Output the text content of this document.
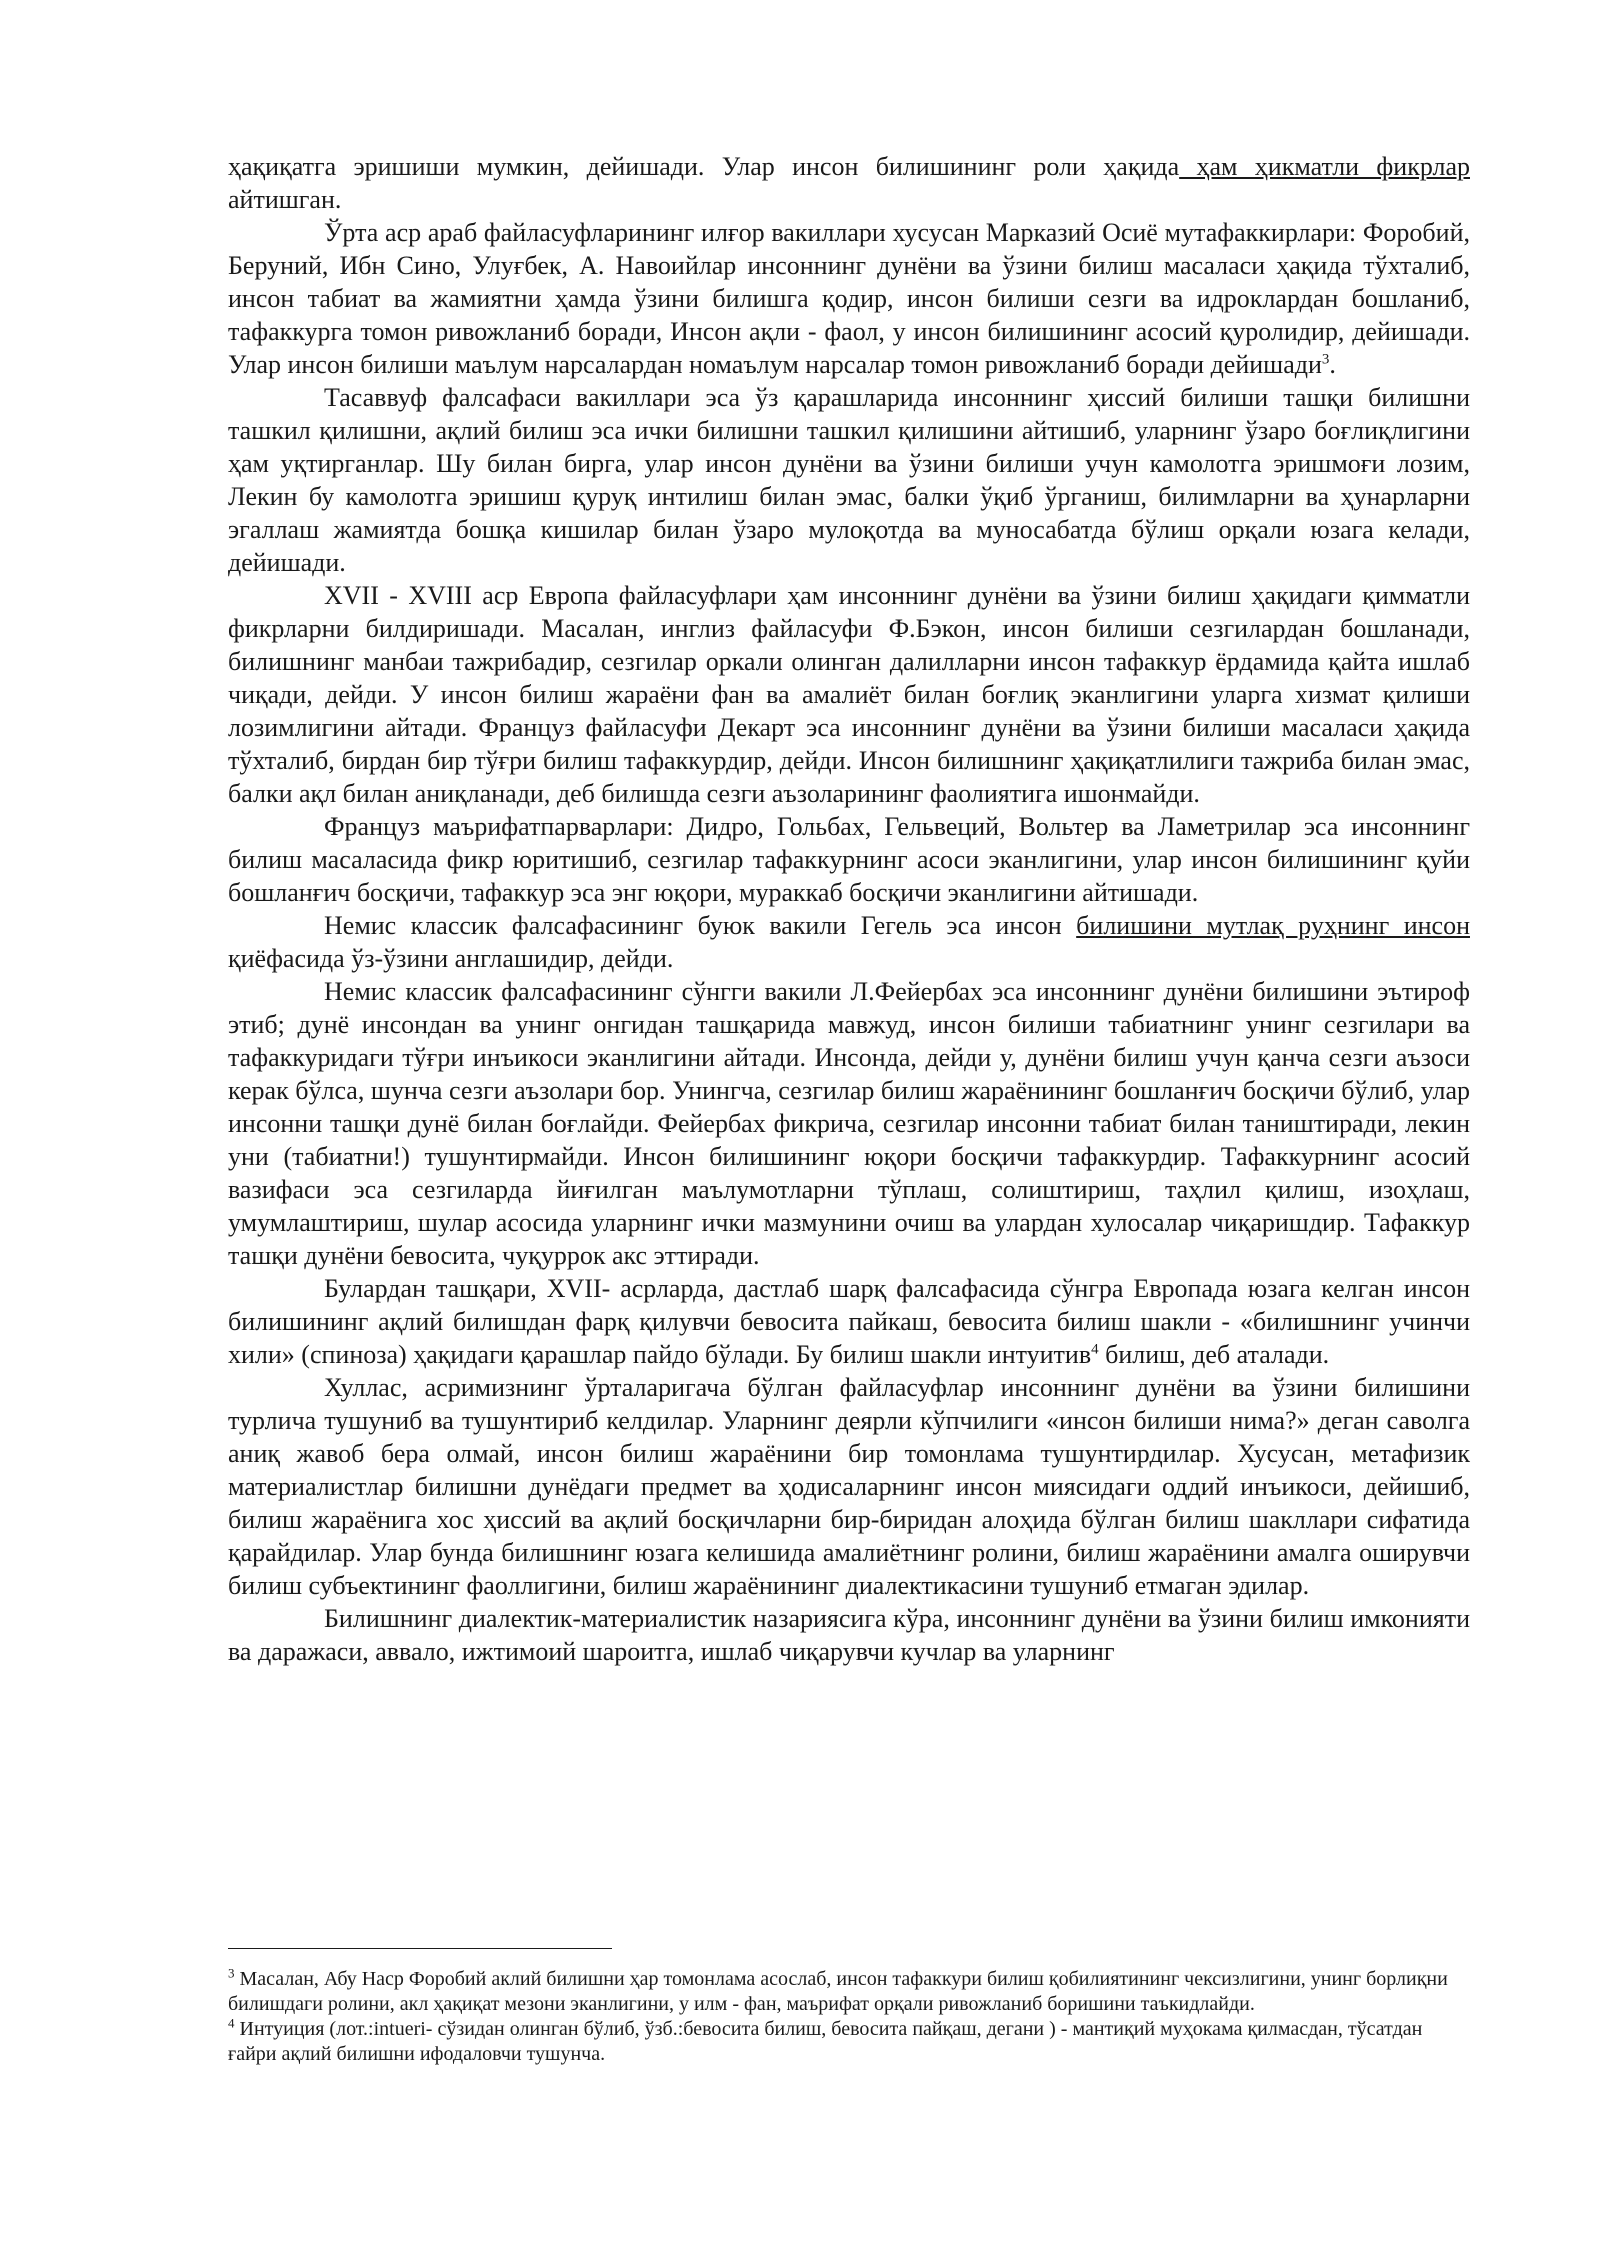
ҳақиқатга эришиши мумкин, дейишади. Улар инсон билишининг роли ҳақида ҳам ҳикматли фикрлар айтишган.

Ўрта аср араб файласуфларининг илғор вакиллари хусусан Марказий Осиё мутафаккирлари: Форобий, Беруний, Ибн Сино, Улуғбек, А. Навоийлар инсоннинг дунёни ва ўзини билиш масаласи ҳақида тўхталиб, инсон табиат ва жамиятни ҳамда ўзини билишга қодир, инсон билиши сезги ва идроклардан бошланиб, тафаккурга томон ривожланиб боради, Инсон ақли - фаол, у инсон билишининг асосий қуролидир, дейишади. Улар инсон билиши маълум нарсалардан номаълум нарсалар томон ривожланиб боради дейишади$^3$.

Тасаввуф фалсафаси вакиллари эса ўз қарашларида инсоннинг ҳиссий билиши ташқи билишни ташкил қилишни, ақлий билиш эса ички билишни ташкил қилишини айтишиб, уларнинг ўзаро боғлиқлигини ҳам уқтирганлар. Шу билан бирга, улар инсон дунёни ва ўзини билиши учун камолотга эришмоғи лозим, Лекин бу камолотга эришиш қуруқ интилиш билан эмас, балки ўқиб ўрганиш, билимларни ва ҳунарларни эгаллаш жамиятда бошқа кишилар билан ўзаро мулоқотда ва муносабатда бўлиш орқали юзага келади, дейишади.

XVII - XVIII аср Европа файласуфлари ҳам инсоннинг дунёни ва ўзини билиш ҳақидаги қимматли фикрларни билдиришади. Масалан, инглиз файласуфи Ф.Бэкон, инсон билиши сезгилардан бошланади, билишнинг манбаи тажрибадир, сезгилар оркали олинган далилларни инсон тафаккур ёрдамида қайта ишлаб чиқади, дейди. У инсон билиш жараёни фан ва амалиёт билан боғлиқ эканлигини уларга хизмат қилиши лозимлигини айтади. Француз файласуфи Декарт эса инсоннинг дунёни ва ўзини билиши масаласи ҳақида тўхталиб, бирдан бир тўғри билиш тафаккурдир, дейди. Инсон билишнинг ҳақиқатлилиги тажриба билан эмас, балки ақл билан аниқланади, деб билишда сезги аъзоларининг фаолиятига ишонмайди.

Француз маърифатпарварлари: Дидро, Гольбах, Гельвеций, Вольтер ва Ламетрилар эса инсоннинг билиш масаласида фикр юритишиб, сезгилар тафаккурнинг асоси эканлигини, улар инсон билишининг қуйи бошланғич босқичи, тафаккур эса энг юқори, мураккаб босқичи эканлигини айтишади.

Немис классик фалсафасининг буюк вакили Гегель эса инсон билишини мутлақ руҳнинг инсон қиёфасида ўз-ўзини англашидир, дейди.

Немис классик фалсафасининг сўнгги вакили Л.Фейербах эса инсоннинг дунёни билишини эътироф этиб; дунё инсондан ва унинг онгидан ташқарида мавжуд, инсон билиши табиатнинг унинг сезгилари ва тафаккуридаги тўғри инъикоси эканлигини айтади. Инсонда, дейди у, дунёни билиш учун қанча сезги аъзоси керак бўлса, шунча сезги аъзолари бор. Унингча, сезгилар билиш жараёнининг бошланғич босқичи бўлиб, улар инсонни ташқи дунё билан боғлайди. Фейербах фикрича, сезгилар инсонни табиат билан таништиради, лекин уни (табиатни!) тушунтирмайди. Инсон билишининг юқори босқичи тафаккурдир. Тафаккурнинг асосий вазифаси эса сезгиларда йиғилган маълумотларни тўплаш, солиштириш, таҳлил қилиш, изоҳлаш, умумлаштириш, шулар асосида уларнинг ички мазмунини очиш ва улардан хулосалар чиқаришдир. Тафаккур ташқи дунёни бевосита, чуқуррок акс эттиради.

Булардан ташқари, XVII- асрларда, дастлаб шарқ фалсафасида сўнгра Европада юзага келган инсон билишининг ақлий билишдан фарқ қилувчи бевосита пайкаш, бевосита билиш шакли - «билишнинг учинчи хили» (спиноза) ҳақидаги қарашлар пайдо бўлади. Бу билиш шакли интуитив$^4$ билиш, деб аталади.

Хуллас, асримизнинг ўрталаригача бўлган файласуфлар инсоннинг дунёни ва ўзини билишини турлича тушуниб ва тушунтириб келдилар. Уларнинг деярли кўпчилиги «инсон билиши нима?» деган саволга аниқ жавоб бера олмай, инсон билиш жараёнини бир томонлама тушунтирдилар. Хусусан, метафизик материалистлар билишни дунёдаги предмет ва ҳодисаларнинг инсон миясидаги оддий инъикоси, дейишиб, билиш жараёнига хос ҳиссий ва ақлий босқичларни бир-биридан алоҳида бўлган билиш шакллари сифатида қарайдилар. Улар бунда билишнинг юзага келишида амалиётнинг ролини, билиш жараёнини амалга оширувчи билиш субъектининг фаоллигини, билиш жараёнининг диалектикасини тушуниб етмаган эдилар.

Билишнинг диалектик-материалистик назариясига кўра, инсоннинг дунёни ва ўзини билиш имконияти ва даражаси, аввало, ижтимоий шароитга, ишлаб чиқарувчи кучлар ва уларнинг

$^3$ Масалан, Абу Наср Форобий аклий билишни ҳар томонлама асослаб, инсон тафаккури билиш қобилиятининг чексизлигини, унинг борлиқни билишдаги ролини, акл ҳақиқат мезони эканлигини, у илм - фан, маърифат орқали ривожланиб боришини таъкидлайди.

$^4$ Интуиция (лот.:intueri- сўзидан олинган бўлиб, ўзб.:бевосита билиш, бевосита пайқаш, дегани ) - мантиқий муҳокама қилмасдан, тўсатдан ғайри ақлий билишни ифодаловчи тушунча.
